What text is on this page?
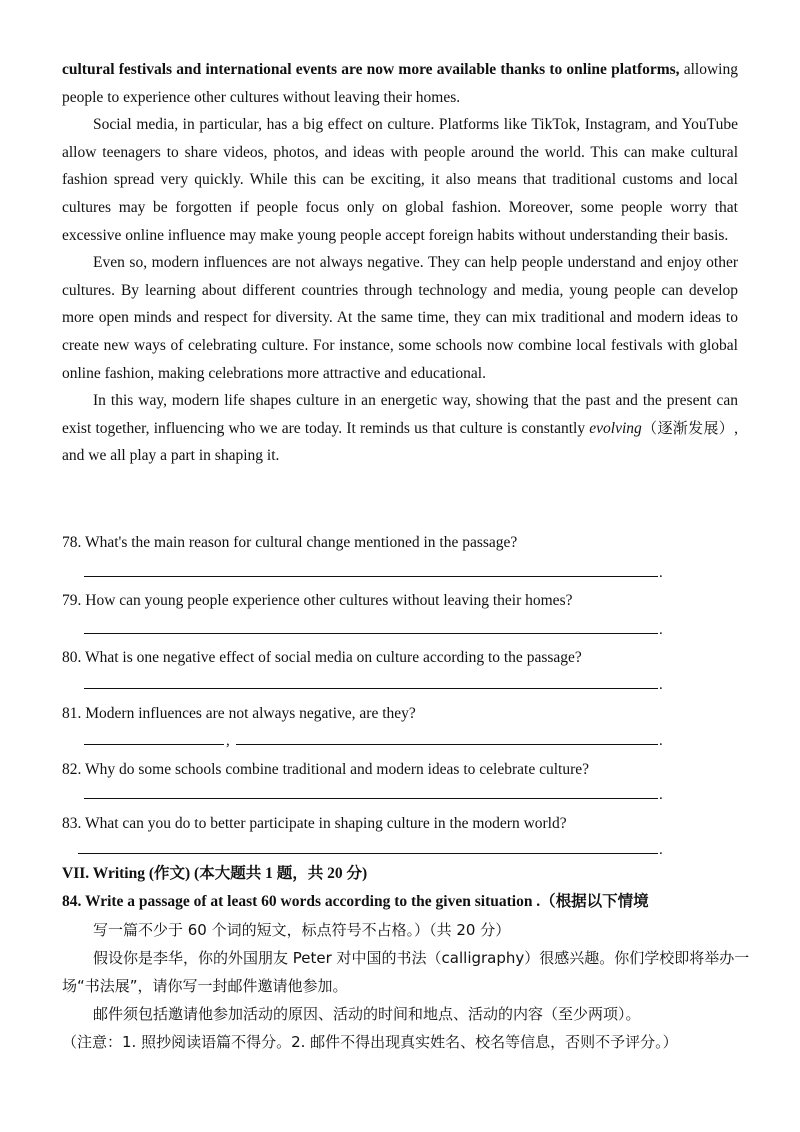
cultural festivals and international events are now more available thanks to online platforms, allowing people to experience other cultures without leaving their homes.

Social media, in particular, has a big effect on culture. Platforms like TikTok, Instagram, and YouTube allow teenagers to share videos, photos, and ideas with people around the world. This can make cultural fashion spread very quickly. While this can be exciting, it also means that traditional customs and local cultures may be forgotten if people focus only on global fashion. Moreover, some people worry that excessive online influence may make young people accept foreign habits without understanding their basis.

Even so, modern influences are not always negative. They can help people understand and enjoy other cultures. By learning about different countries through technology and media, young people can develop more open minds and respect for diversity. At the same time, they can mix traditional and modern ideas to create new ways of celebrating culture. For instance, some schools now combine local festivals with global online fashion, making celebrations more attractive and educational.

In this way, modern life shapes culture in an energetic way, showing that the past and the present can exist together, influencing who we are today. It reminds us that culture is constantly evolving（逐渐发展）, and we all play a part in shaping it.

78. What's the main reason for cultural change mentioned in the passage?
.
79. How can young people experience other cultures without leaving their homes?
.
80. What is one negative effect of social media on culture according to the passage?
.
81. Modern influences are not always negative, are they?
,	.
82. Why do some schools combine traditional and modern ideas to celebrate culture?
.
83. What can you do to better participate in shaping culture in the modern world?
.

VII. Writing (作文) (本大题共 1 题，共 20 分)

84. Write a passage of at least 60 words according to the given situation .（根据以下情境

写一篇不少于 60 个词的短文，标点符号不占格。）（共 20 分）

假设你是李华，你的外国朋友 Peter 对中国的书法（calligraphy）很感兴趣。你们学校即将举办一场“书法展”，请你写一封邮件邀请他参加。

邮件须包括邀请他参加活动的原因、活动的时间和地点、活动的内容（至少两项）。

（注意：1. 照抄阅读语篇不得分。2. 邮件不得出现真实姓名、校名等信息，否则不予评分。）
